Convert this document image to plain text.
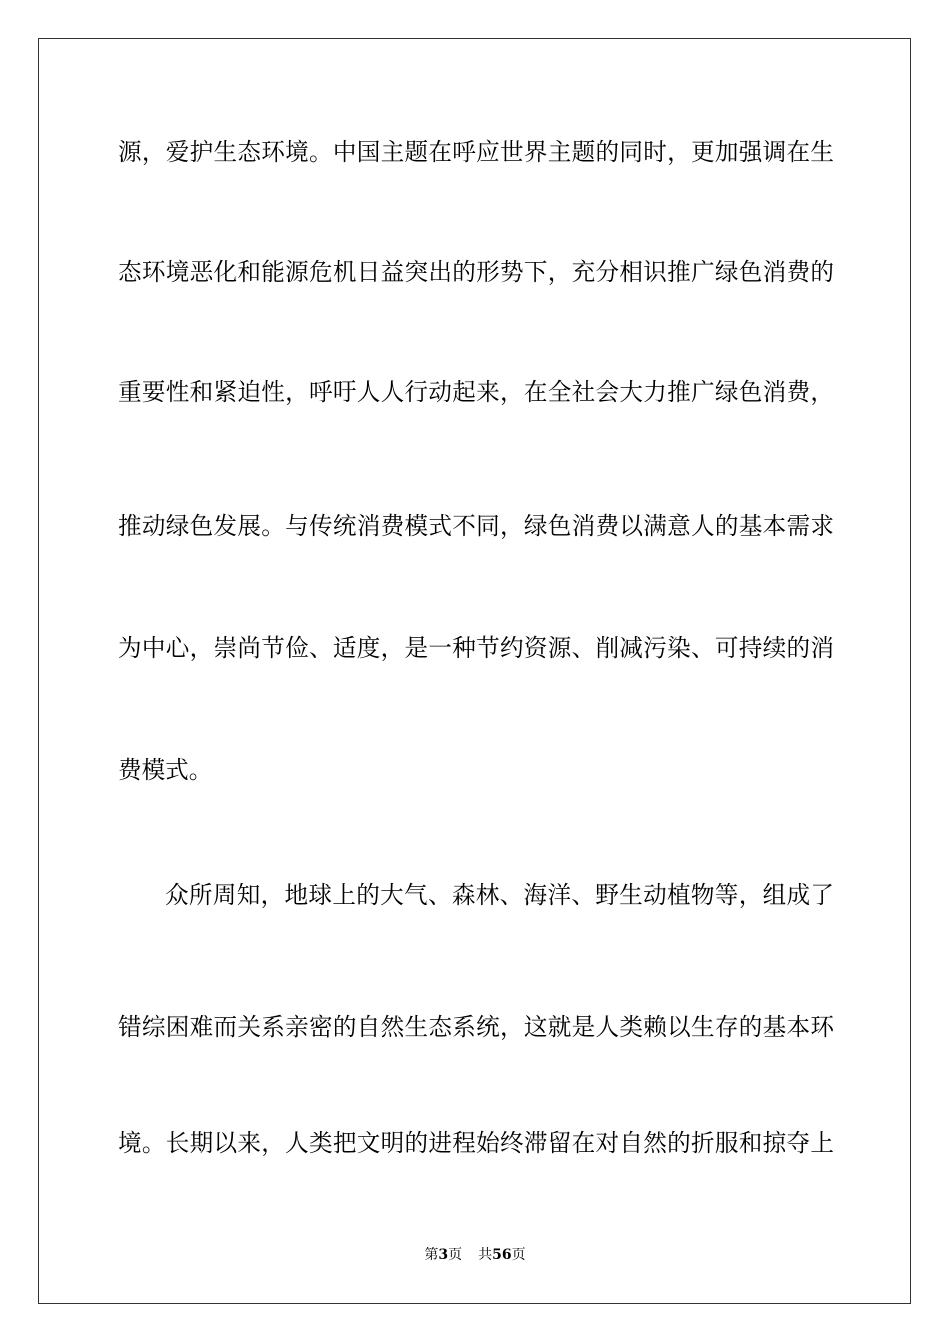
源，爱护生态环境。中国主题在呼应世界主题的同时，更加强调在生
态环境恶化和能源危机日益突出的形势下，充分相识推广绿色消费的
重要性和紧迫性，呼吁人人行动起来，在全社会大力推广绿色消费，
推动绿色发展。与传统消费模式不同，绿色消费以满意人的基本需求
为中心，崇尚节俭、适度，是一种节约资源、削减污染、可持续的消
费模式。
众所周知，地球上的大气、森林、海洋、野生动植物等，组成了
错综困难而关系亲密的自然生态系统，这就是人类赖以生存的基本环
境。长期以来，人类把文明的进程始终滞留在对自然的折服和掠夺上
第3页 共56页
